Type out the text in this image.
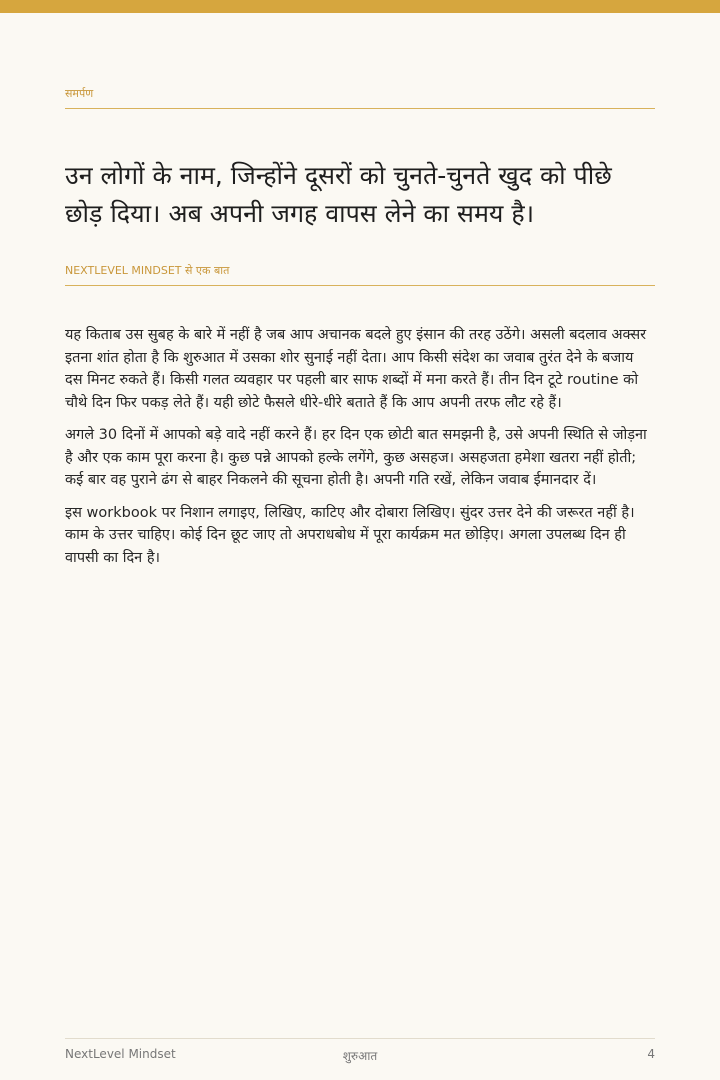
समर्पण
उन लोगों के नाम, जिन्होंने दूसरों को चुनते-चुनते खुद को पीछे छोड़ दिया। अब अपनी जगह वापस लेने का समय है।
NEXTLEVEL MINDSET से एक बात

यह किताब उस सुबह के बारे में नहीं है जब आप अचानक बदले हुए इंसान की तरह उठेंगे। असली बदलाव अक्सर इतना शांत होता है कि शुरुआत में उसका शोर सुनाई नहीं देता। आप किसी संदेश का जवाब तुरंत देने के बजाय दस मिनट रुकते हैं। किसी गलत व्यवहार पर पहली बार साफ शब्दों में मना करते हैं। तीन दिन टूटे routine को चौथे दिन फिर पकड़ लेते हैं। यही छोटे फैसले धीरे-धीरे बताते हैं कि आप अपनी तरफ लौट रहे हैं।

अगले 30 दिनों में आपको बड़े वादे नहीं करने हैं। हर दिन एक छोटी बात समझनी है, उसे अपनी स्थिति से जोड़ना है और एक काम पूरा करना है। कुछ पन्ने आपको हल्के लगेंगे, कुछ असहज। असहजता हमेशा खतरा नहीं होती; कई बार वह पुराने ढंग से बाहर निकलने की सूचना होती है। अपनी गति रखें, लेकिन जवाब ईमानदार दें।

इस workbook पर निशान लगाइए, लिखिए, काटिए और दोबारा लिखिए। सुंदर उत्तर देने की जरूरत नहीं है। काम के उत्तर चाहिए। कोई दिन छूट जाए तो अपराधबोध में पूरा कार्यक्रम मत छोड़िए। अगला उपलब्ध दिन ही वापसी का दिन है।

NextLevel Mindset	शुरुआत	4
